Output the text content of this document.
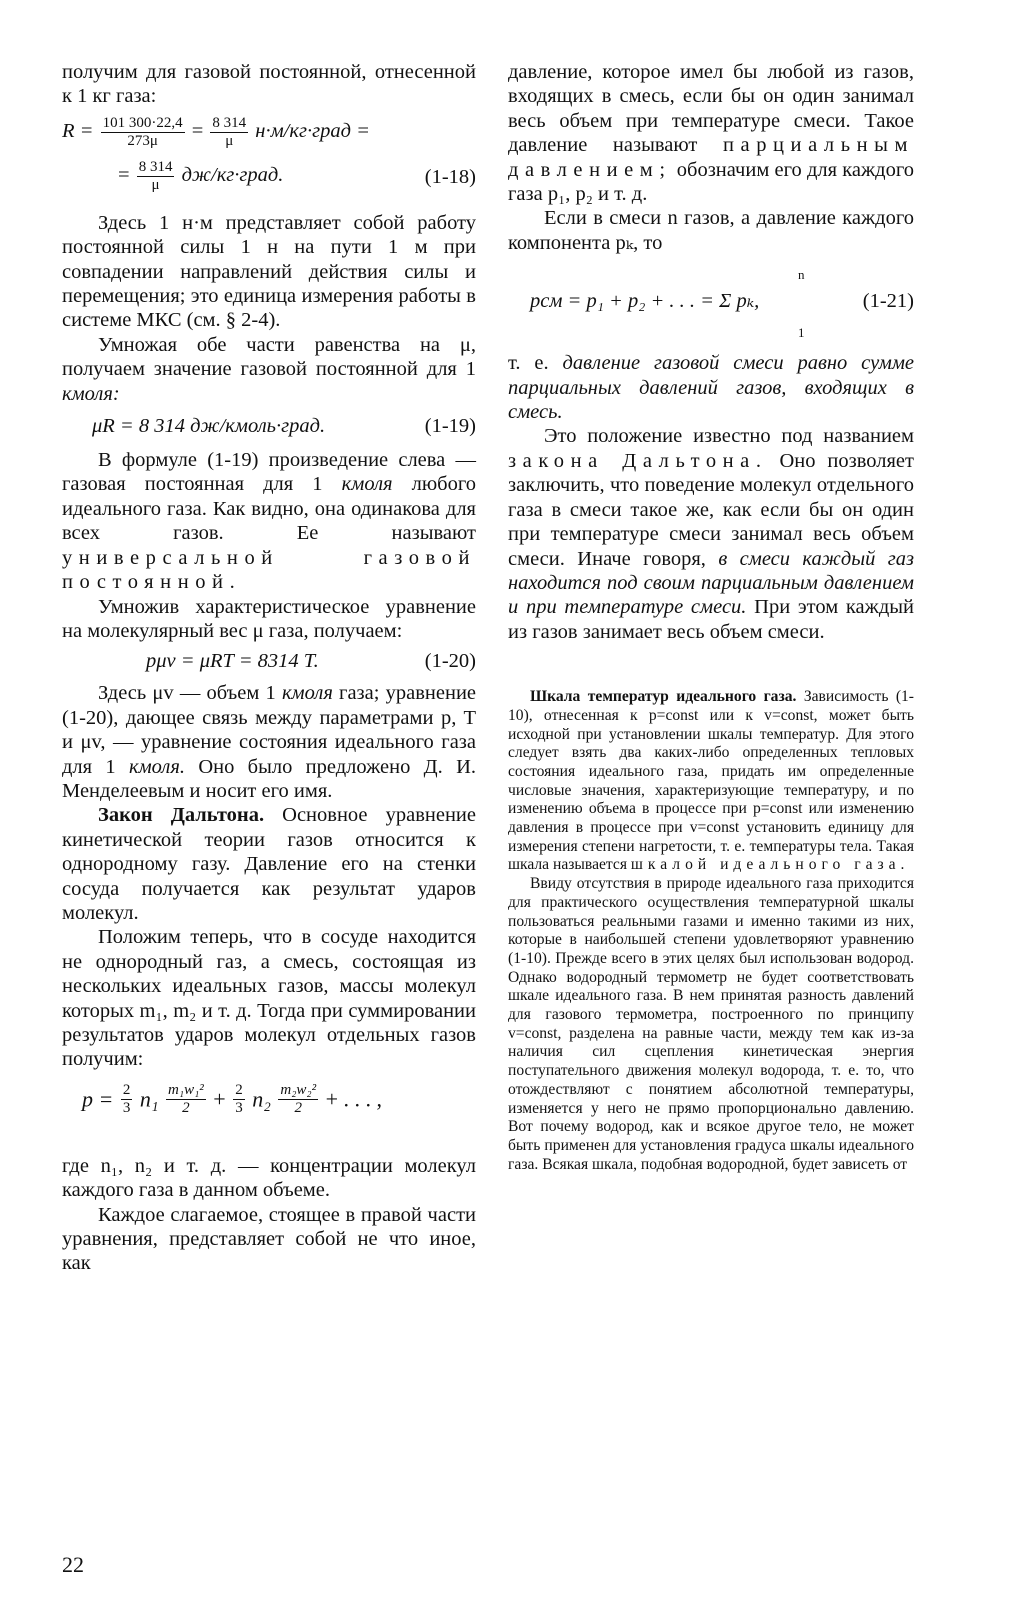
получим для газовой постоянной, отнесенной к 1 кг газа:

$R = \frac{101 300\cdot 22,4}{273\mu} = \frac{8 314}{\mu}$ н·м/кг·град =
= $\frac{8 314}{\mu}$ дж/кг·град.	(1-18)

Здесь 1 н·м представляет собой работу постоянной силы 1 н на пути 1 м при совпадении направлений действия силы и перемещения; это единица измерения работы в системе МКС (см. § 2-4).

Умножая обе части равенства на μ, получаем значение газовой постоянной для 1 кмоля:

μR = 8 314 дж/кмоль·град.	(1-19)

В формуле (1-19) произведение слева — газовая постоянная для 1 кмоля любого идеального газа. Как видно, она одинакова для всех газов. Ее называют универсальной газовой постоянной.

Умножив характеристическое уравнение на молекулярный вес μ газа, получаем:

pμv = μRT = 8314 T.	(1-20)

Здесь μv — объем 1 кмоля газа; уравнение (1-20), дающее связь между параметрами p, T и μv, — уравнение состояния идеального газа для 1 кмоля. Оно было предложено Д. И. Менделеевым и носит его имя.

Закон Дальтона. Основное уравнение кинетической теории газов относится к однородному газу. Давление его на стенки сосуда получается как результат ударов молекул.

Положим теперь, что в сосуде находится не однородный газ, а смесь, состоящая из нескольких идеальных газов, массы молекул которых m₁, m₂ и т. д. Тогда при суммировании результатов ударов молекул отдельных газов получим:

$p = \frac{2}{3} n_1 \frac{\text{m₁w₁²}}{2} + \frac{2}{3} n_2 \frac{\text{m₂w₂²}}{2}$ + . . . ,

где n₁, n₂ и т. д. — концентрации молекул каждого газа в данном объеме.

Каждое слагаемое, стоящее в правой части уравнения, представляет собой не что иное, как

давление, которое имел бы любой из газов, входящих в смесь, если бы он один занимал весь объем при температуре смеси. Такое давление называют парциальным давлением; обозначим его для каждого газа p₁, p₂ и т. д.

Если в смеси n газов, а давление каждого компонента pₖ, то

n
pсм = p₁ + p₂ + . . . = Σ pₖ,
1
(1-21)

т. е. давление газовой смеси равно сумме парциальных давлений газов, входящих в смесь.

Это положение известно под названием закона Дальтона. Оно позволяет заключить, что поведение молекул отдельного газа в смеси такое же, как если бы он один при температуре смеси занимал весь объем смеси. Иначе говоря, в смеси каждый газ находится под своим парциальным давлением и при температуре смеси. При этом каждый из газов занимает весь объем смеси.

Шкала температур идеального газа. Зависимость (1-10), отнесенная к p=const или к v=const, может быть исходной при установлении шкалы температур. Для этого следует взять два каких-либо определенных тепловых состояния идеального газа, придать им определенные числовые значения, характеризующие температуру, и по изменению объема в процессе при p=const или изменению давления в процессе при v=const установить единицу для измерения степени нагретости, т. е. температуры тела. Такая шкала называется шкалой идеального газа.

Ввиду отсутствия в природе идеального газа приходится для практического осуществления температурной шкалы пользоваться реальными газами и именно такими из них, которые в наибольшей степени удовлетворяют уравнению (1-10). Прежде всего в этих целях был использован водород. Однако водородный термометр не будет соответствовать шкале идеального газа. В нем принятая разность давлений для газового термометра, построенного по принципу v=const, разделена на равные части, между тем как из-за наличия сил сцепления кинетическая энергия поступательного движения молекул водорода, т. е. то, что отождествляют с понятием абсолютной температуры, изменяется у него не прямо пропорционально давлению. Вот почему водород, как и всякое другое тело, не может быть применен для установления градуса шкалы идеального газа. Всякая шкала, подобная водородной, будет зависеть от

22
